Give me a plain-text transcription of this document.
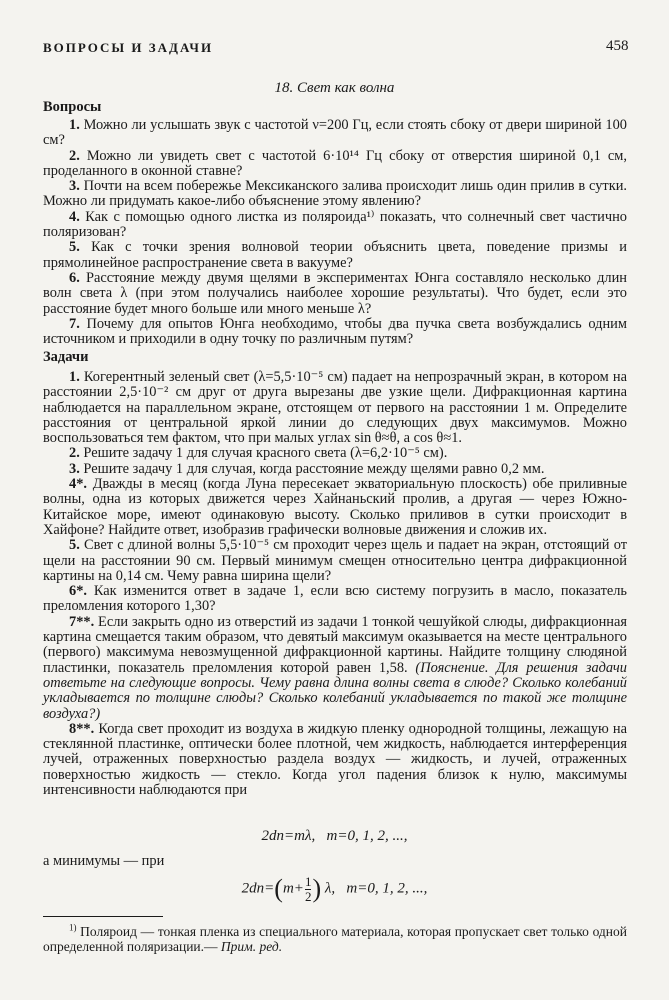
ВОПРОСЫ И ЗАДАЧИ	458
18. Свет как волна
Вопросы

1. Можно ли услышать звук с частотой ν=200 Гц, если стоять сбоку от двери шириной 100 см?

2. Можно ли увидеть свет с частотой 6·10¹⁴ Гц сбоку от отверстия шириной 0,1 см, проделанного в оконной ставне?

3. Почти на всем побережье Мексиканского залива происходит лишь один прилив в сутки. Можно ли придумать какое-либо объяснение этому явлению?

4. Как с помощью одного листка из поляроида¹⁾ показать, что солнечный свет частично поляризован?

5. Как с точки зрения волновой теории объяснить цвета, поведение призмы и прямолинейное распространение света в вакууме?

6. Расстояние между двумя щелями в экспериментах Юнга составляло несколько длин волн света λ (при этом получались наиболее хорошие результаты). Что будет, если это расстояние будет много больше или много меньше λ?

7. Почему для опытов Юнга необходимо, чтобы два пучка света возбуждались одним источником и приходили в одну точку по различным путям?

Задачи

1. Когерентный зеленый свет (λ=5,5·10⁻⁵ см) падает на непрозрачный экран, в котором на расстоянии 2,5·10⁻² см друг от друга вырезаны две узкие щели. Дифракционная картина наблюдается на параллельном экране, отстоящем от первого на расстоянии 1 м. Определите расстояния от центральной яркой линии до следующих двух максимумов. Можно воспользоваться тем фактом, что при малых углах sin θ≈θ, а cos θ≈1.

2. Решите задачу 1 для случая красного света (λ=6,2·10⁻⁵ см).

3. Решите задачу 1 для случая, когда расстояние между щелями равно 0,2 мм.

4*. Дважды в месяц (когда Луна пересекает экваториальную плоскость) обе приливные волны, одна из которых движется через Хайнаньский пролив, а другая — через Южно-Китайское море, имеют одинаковую высоту. Сколько приливов в сутки происходит в Хайфоне? Найдите ответ, изобразив графически волновые движения и сложив их.

5. Свет с длиной волны 5,5·10⁻⁵ см проходит через щель и падает на экран, отстоящий от щели на расстоянии 90 см. Первый минимум смещен относительно центра дифракционной картины на 0,14 см. Чему равна ширина щели?

6*. Как изменится ответ в задаче 1, если всю систему погрузить в масло, показатель преломления которого 1,30?

7**. Если закрыть одно из отверстий из задачи 1 тонкой чешуйкой слюды, дифракционная картина смещается таким образом, что девятый максимум оказывается на месте центрального (первого) максимума невозмущенной дифракционной картины. Найдите толщину слюдяной пластинки, показатель преломления которой равен 1,58. (Пояснение. Для решения задачи ответьте на следующие вопросы. Чему равна длина волны света в слюде? Сколько колебаний укладывается по толщине слюды? Сколько колебаний укладывается по такой же толщине воздуха?)

8**. Когда свет проходит из воздуха в жидкую пленку однородной толщины, лежащую на стеклянной пластинке, оптически более плотной, чем жидкость, наблюдается интерференция лучей, отраженных поверхностью раздела воздух — жидкость, и лучей, отраженных поверхностью жидкость — стекло. Когда угол падения близок к нулю, максимумы интенсивности наблюдаются при

2dn=mλ, m=0, 1, 2, ...,
а минимумы — при
$2dn=(m+ \frac{1}{2}$ ) λ, m=0, 1, 2, ...,
$^{1)}$ Поляроид — тонкая пленка из специального материала, которая пропускает свет только одной определенной поляризации.— Прим. ред.
